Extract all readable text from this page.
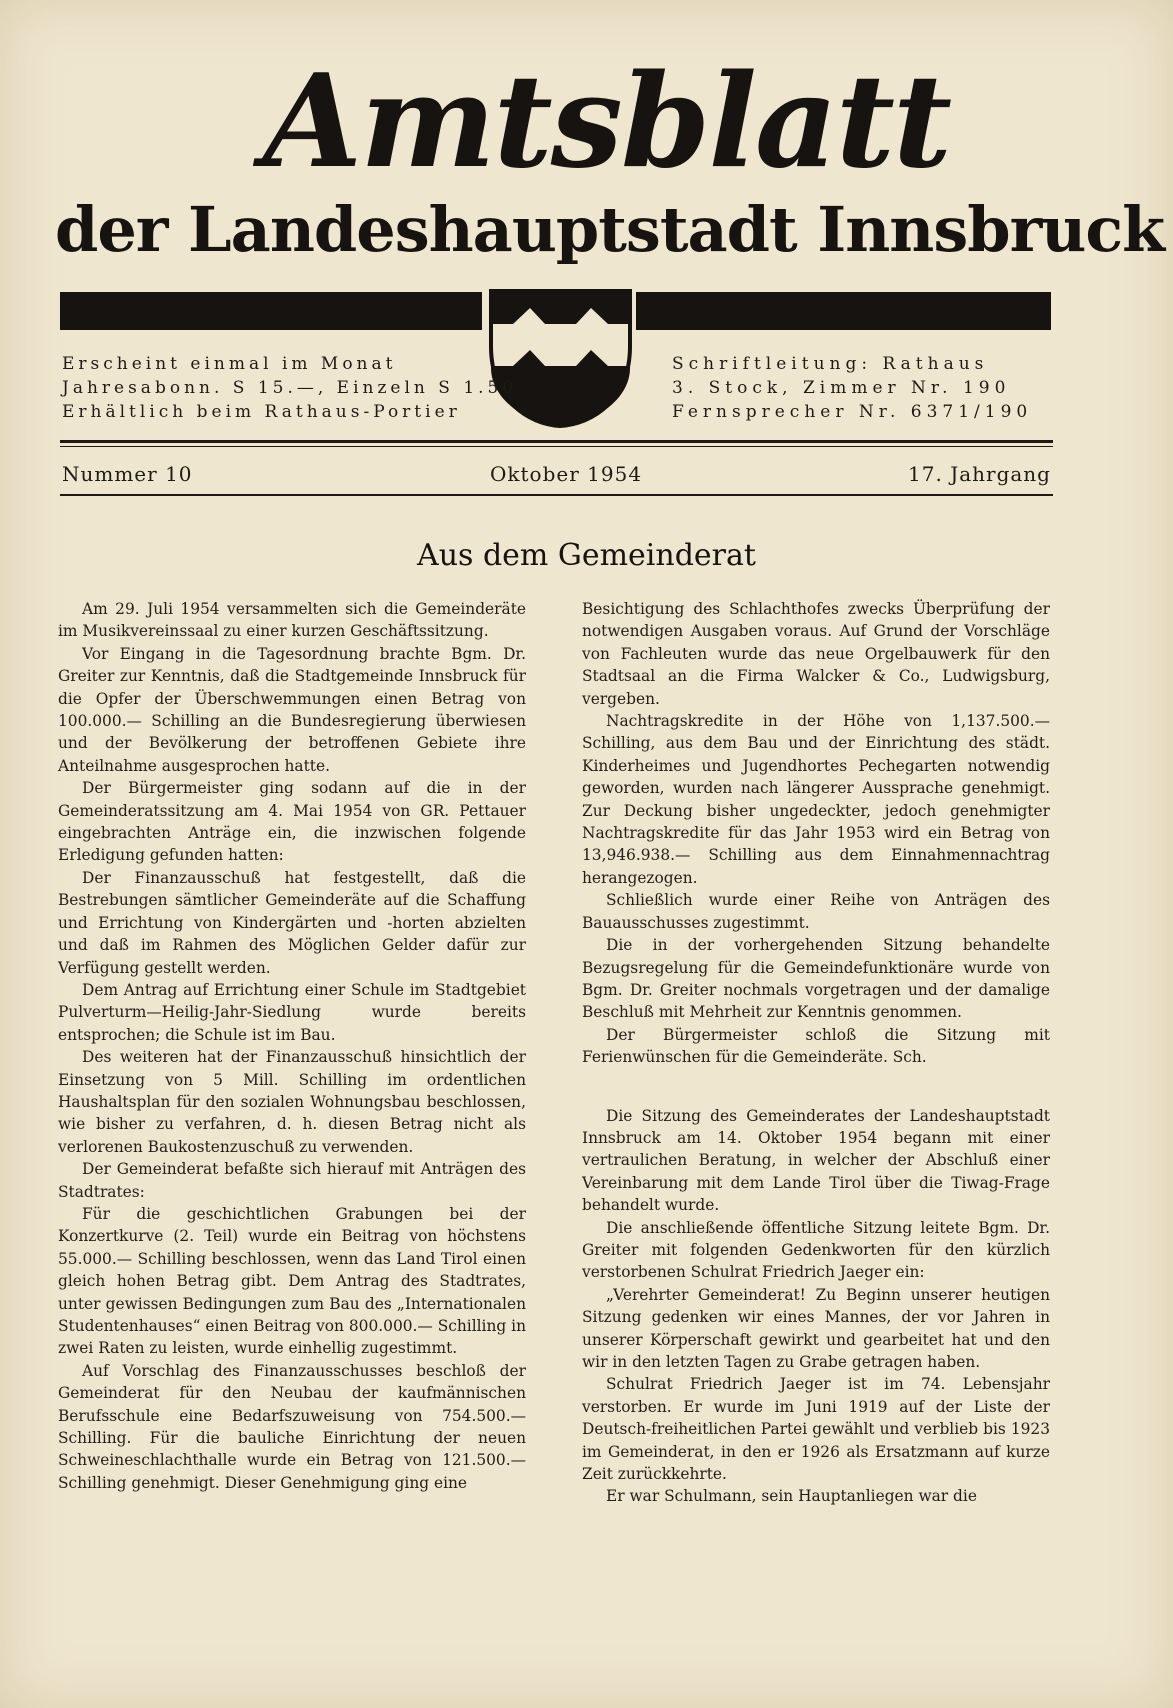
Amtsblatt
der Landeshauptstadt Innsbruck
Erscheint einmal im Monat
Jahresabonn. S 15.—, Einzeln S 1.50
Erhältlich beim Rathaus-Portier
Schriftleitung: Rathaus
3. Stock, Zimmer Nr. 190
Fernsprecher Nr. 6371/190
Nummer 10	Oktober 1954	17. Jahrgang
Aus dem Gemeinderat

Am 29. Juli 1954 versammelten sich die Gemeinderäte im Musikvereinssaal zu einer kurzen Geschäftssitzung.

Vor Eingang in die Tagesordnung brachte Bgm. Dr. Greiter zur Kenntnis, daß die Stadtgemeinde Innsbruck für die Opfer der Überschwemmungen einen Betrag von 100.000.— Schilling an die Bundesregierung überwiesen und der Bevölkerung der betroffenen Gebiete ihre Anteilnahme ausgesprochen hatte.

Der Bürgermeister ging sodann auf die in der Gemeinderatssitzung am 4. Mai 1954 von GR. Pettauer eingebrachten Anträge ein, die inzwischen folgende Erledigung gefunden hatten:

Der Finanzausschuß hat festgestellt, daß die Bestrebungen sämtlicher Gemeinderäte auf die Schaffung und Errichtung von Kindergärten und -horten abzielten und daß im Rahmen des Möglichen Gelder dafür zur Verfügung gestellt werden.

Dem Antrag auf Errichtung einer Schule im Stadtgebiet Pulverturm—Heilig-Jahr-Siedlung wurde bereits entsprochen; die Schule ist im Bau.

Des weiteren hat der Finanzausschuß hinsichtlich der Einsetzung von 5 Mill. Schilling im ordentlichen Haushaltsplan für den sozialen Wohnungsbau beschlossen, wie bisher zu verfahren, d. h. diesen Betrag nicht als verlorenen Baukostenzuschuß zu verwenden.

Der Gemeinderat befaßte sich hierauf mit Anträgen des Stadtrates:

Für die geschichtlichen Grabungen bei der Konzertkurve (2. Teil) wurde ein Beitrag von höchstens 55.000.— Schilling beschlossen, wenn das Land Tirol einen gleich hohen Betrag gibt. Dem Antrag des Stadtrates, unter gewissen Bedingungen zum Bau des „Internationalen Studentenhauses“ einen Beitrag von 800.000.— Schilling in zwei Raten zu leisten, wurde einhellig zugestimmt.

Auf Vorschlag des Finanzausschusses beschloß der Gemeinderat für den Neubau der kaufmännischen Berufsschule eine Bedarfszuweisung von 754.500.— Schilling. Für die bauliche Einrichtung der neuen Schweineschlachthalle wurde ein Betrag von 121.500.— Schilling genehmigt. Dieser Genehmigung ging eine

Besichtigung des Schlachthofes zwecks Überprüfung der notwendigen Ausgaben voraus. Auf Grund der Vorschläge von Fachleuten wurde das neue Orgelbauwerk für den Stadtsaal an die Firma Walcker & Co., Ludwigsburg, vergeben.

Nachtragskredite in der Höhe von 1,137.500.— Schilling, aus dem Bau und der Einrichtung des städt. Kinderheimes und Jugendhortes Pechegarten notwendig geworden, wurden nach längerer Aussprache genehmigt. Zur Deckung bisher ungedeckter, jedoch genehmigter Nachtragskredite für das Jahr 1953 wird ein Betrag von 13,946.938.— Schilling aus dem Einnahmennachtrag herangezogen.

Schließlich wurde einer Reihe von Anträgen des Bauausschusses zugestimmt.

Die in der vorhergehenden Sitzung behandelte Bezugsregelung für die Gemeindefunktionäre wurde von Bgm. Dr. Greiter nochmals vorgetragen und der damalige Beschluß mit Mehrheit zur Kenntnis genommen.

Der Bürgermeister schloß die Sitzung mit Ferienwünschen für die Gemeinderäte. Sch.

Die Sitzung des Gemeinderates der Landeshauptstadt Innsbruck am 14. Oktober 1954 begann mit einer vertraulichen Beratung, in welcher der Abschluß einer Vereinbarung mit dem Lande Tirol über die Tiwag-Frage behandelt wurde.

Die anschließende öffentliche Sitzung leitete Bgm. Dr. Greiter mit folgenden Gedenkworten für den kürzlich verstorbenen Schulrat Friedrich Jaeger ein:

„Verehrter Gemeinderat! Zu Beginn unserer heutigen Sitzung gedenken wir eines Mannes, der vor Jahren in unserer Körperschaft gewirkt und gearbeitet hat und den wir in den letzten Tagen zu Grabe getragen haben.

Schulrat Friedrich Jaeger ist im 74. Lebensjahr verstorben. Er wurde im Juni 1919 auf der Liste der Deutsch-freiheitlichen Partei gewählt und verblieb bis 1923 im Gemeinderat, in den er 1926 als Ersatzmann auf kurze Zeit zurückkehrte.

Er war Schulmann, sein Hauptanliegen war die
